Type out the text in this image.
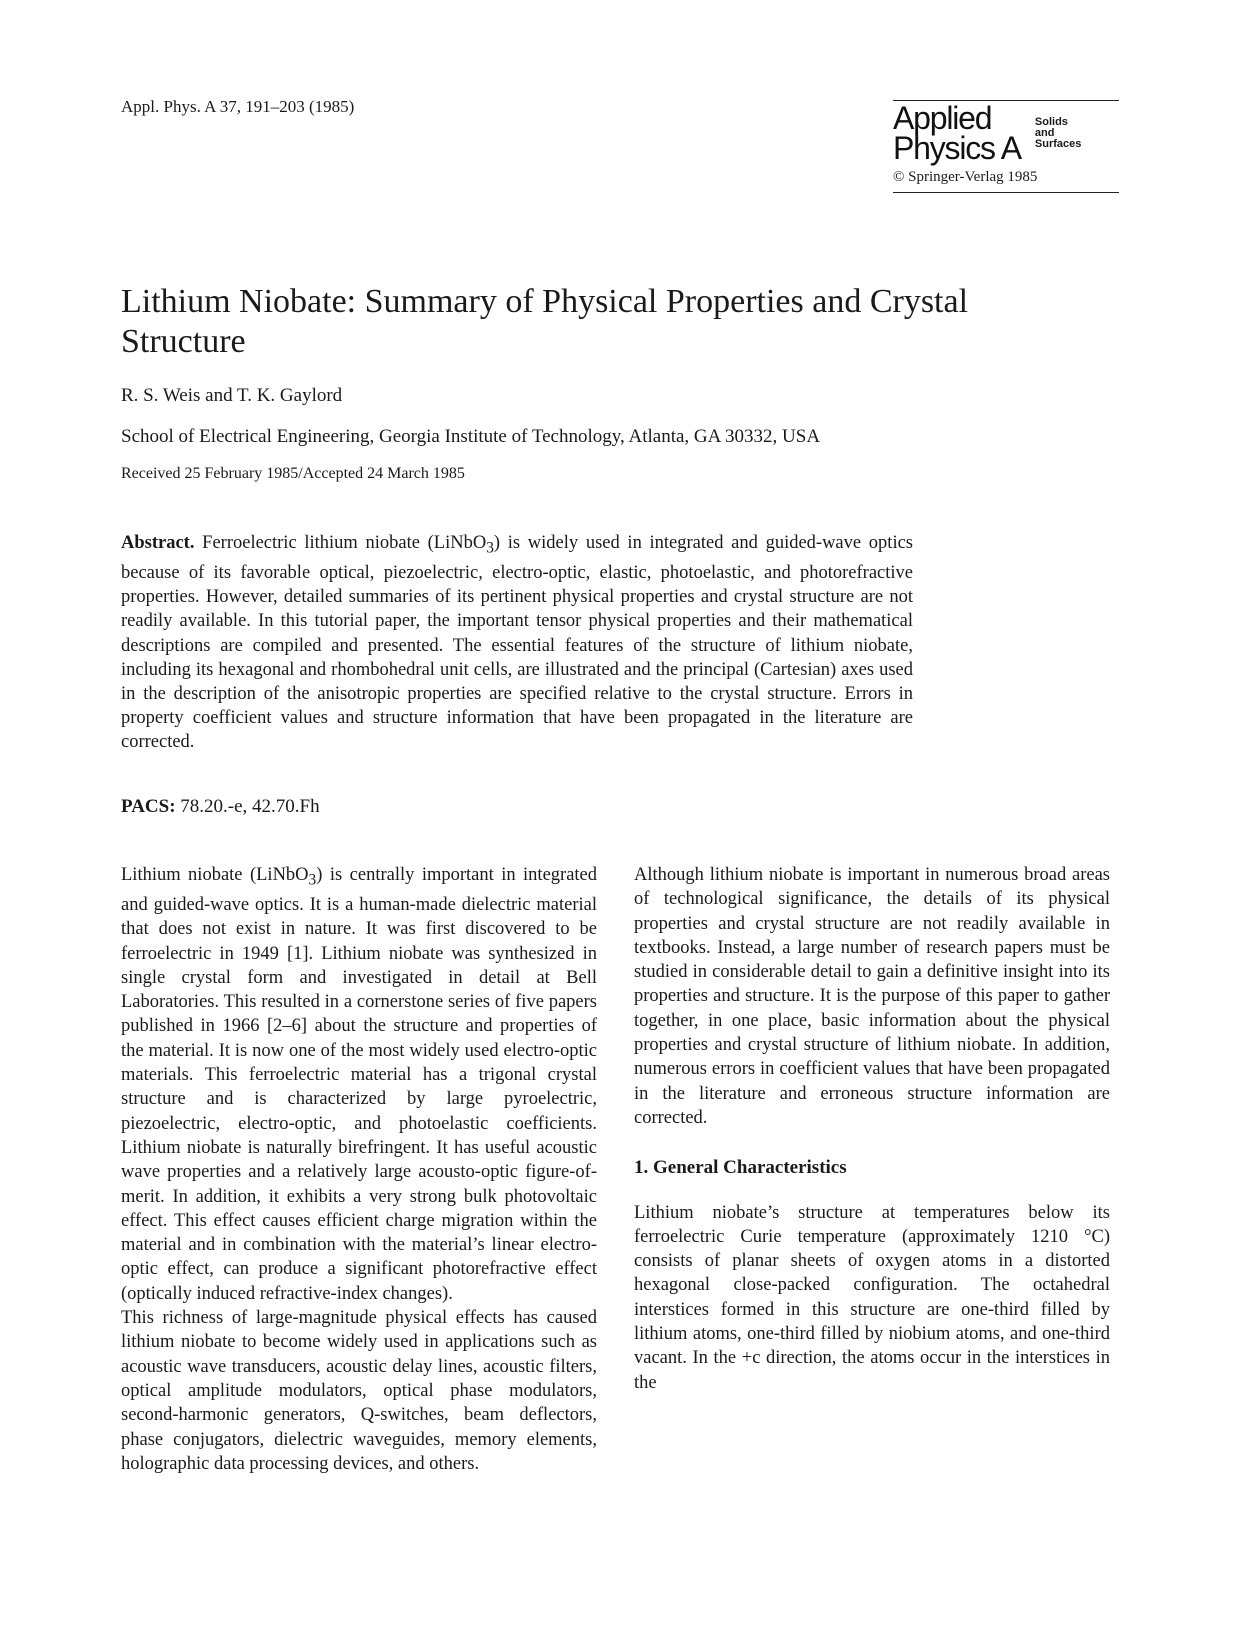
Appl. Phys. A 37, 191–203 (1985)	Applied
Physics A
Solids
and
Surfaces
© Springer-Verlag 1985
Lithium Niobate: Summary of Physical Properties and Crystal Structure
R. S. Weis and T. K. Gaylord
School of Electrical Engineering, Georgia Institute of Technology, Atlanta, GA 30332, USA
Received 25 February 1985/Accepted 24 March 1985

Abstract. Ferroelectric lithium niobate (LiNbO$_3$) is widely used in integrated and guided-wave optics because of its favorable optical, piezoelectric, electro-optic, elastic, photoelastic, and photorefractive properties. However, detailed summaries of its pertinent physical properties and crystal structure are not readily available. In this tutorial paper, the important tensor physical properties and their mathematical descriptions are compiled and presented. The essential features of the structure of lithium niobate, including its hexagonal and rhombohedral unit cells, are illustrated and the principal (Cartesian) axes used in the description of the anisotropic properties are specified relative to the crystal structure. Errors in property coefficient values and structure information that have been propagated in the literature are corrected.

PACS: 78.20.-e, 42.70.Fh

Lithium niobate (LiNbO$_3$) is centrally important in integrated and guided-wave optics. It is a human-made dielectric material that does not exist in nature. It was first discovered to be ferroelectric in 1949 [1]. Lithium niobate was synthesized in single crystal form and investigated in detail at Bell Laboratories. This resulted in a cornerstone series of five papers published in 1966 [2–6] about the structure and properties of the material. It is now one of the most widely used electro-optic materials. This ferroelectric material has a trigonal crystal structure and is characterized by large pyroelectric, piezoelectric, electro-optic, and photoelastic coefficients. Lithium niobate is naturally birefringent. It has useful acoustic wave properties and a relatively large acousto-optic figure-of-merit. In addition, it exhibits a very strong bulk photovoltaic effect. This effect causes efficient charge migration within the material and in combination with the material’s linear electro-optic effect, can produce a significant photorefractive effect (optically induced refractive-index changes).

This richness of large-magnitude physical effects has caused lithium niobate to become widely used in applications such as acoustic wave transducers, acoustic delay lines, acoustic filters, optical amplitude modulators, optical phase modulators, second-harmonic generators, Q-switches, beam deflectors, phase conjugators, dielectric waveguides, memory elements, holographic data processing devices, and others.

Although lithium niobate is important in numerous broad areas of technological significance, the details of its physical properties and crystal structure are not readily available in textbooks. Instead, a large number of research papers must be studied in considerable detail to gain a definitive insight into its properties and structure. It is the purpose of this paper to gather together, in one place, basic information about the physical properties and crystal structure of lithium niobate. In addition, numerous errors in coefficient values that have been propagated in the literature and erroneous structure information are corrected.

1. General Characteristics

Lithium niobate’s structure at temperatures below its ferroelectric Curie temperature (approximately 1210 °C) consists of planar sheets of oxygen atoms in a distorted hexagonal close-packed configuration. The octahedral interstices formed in this structure are one-third filled by lithium atoms, one-third filled by niobium atoms, and one-third vacant. In the +c direction, the atoms occur in the interstices in the
